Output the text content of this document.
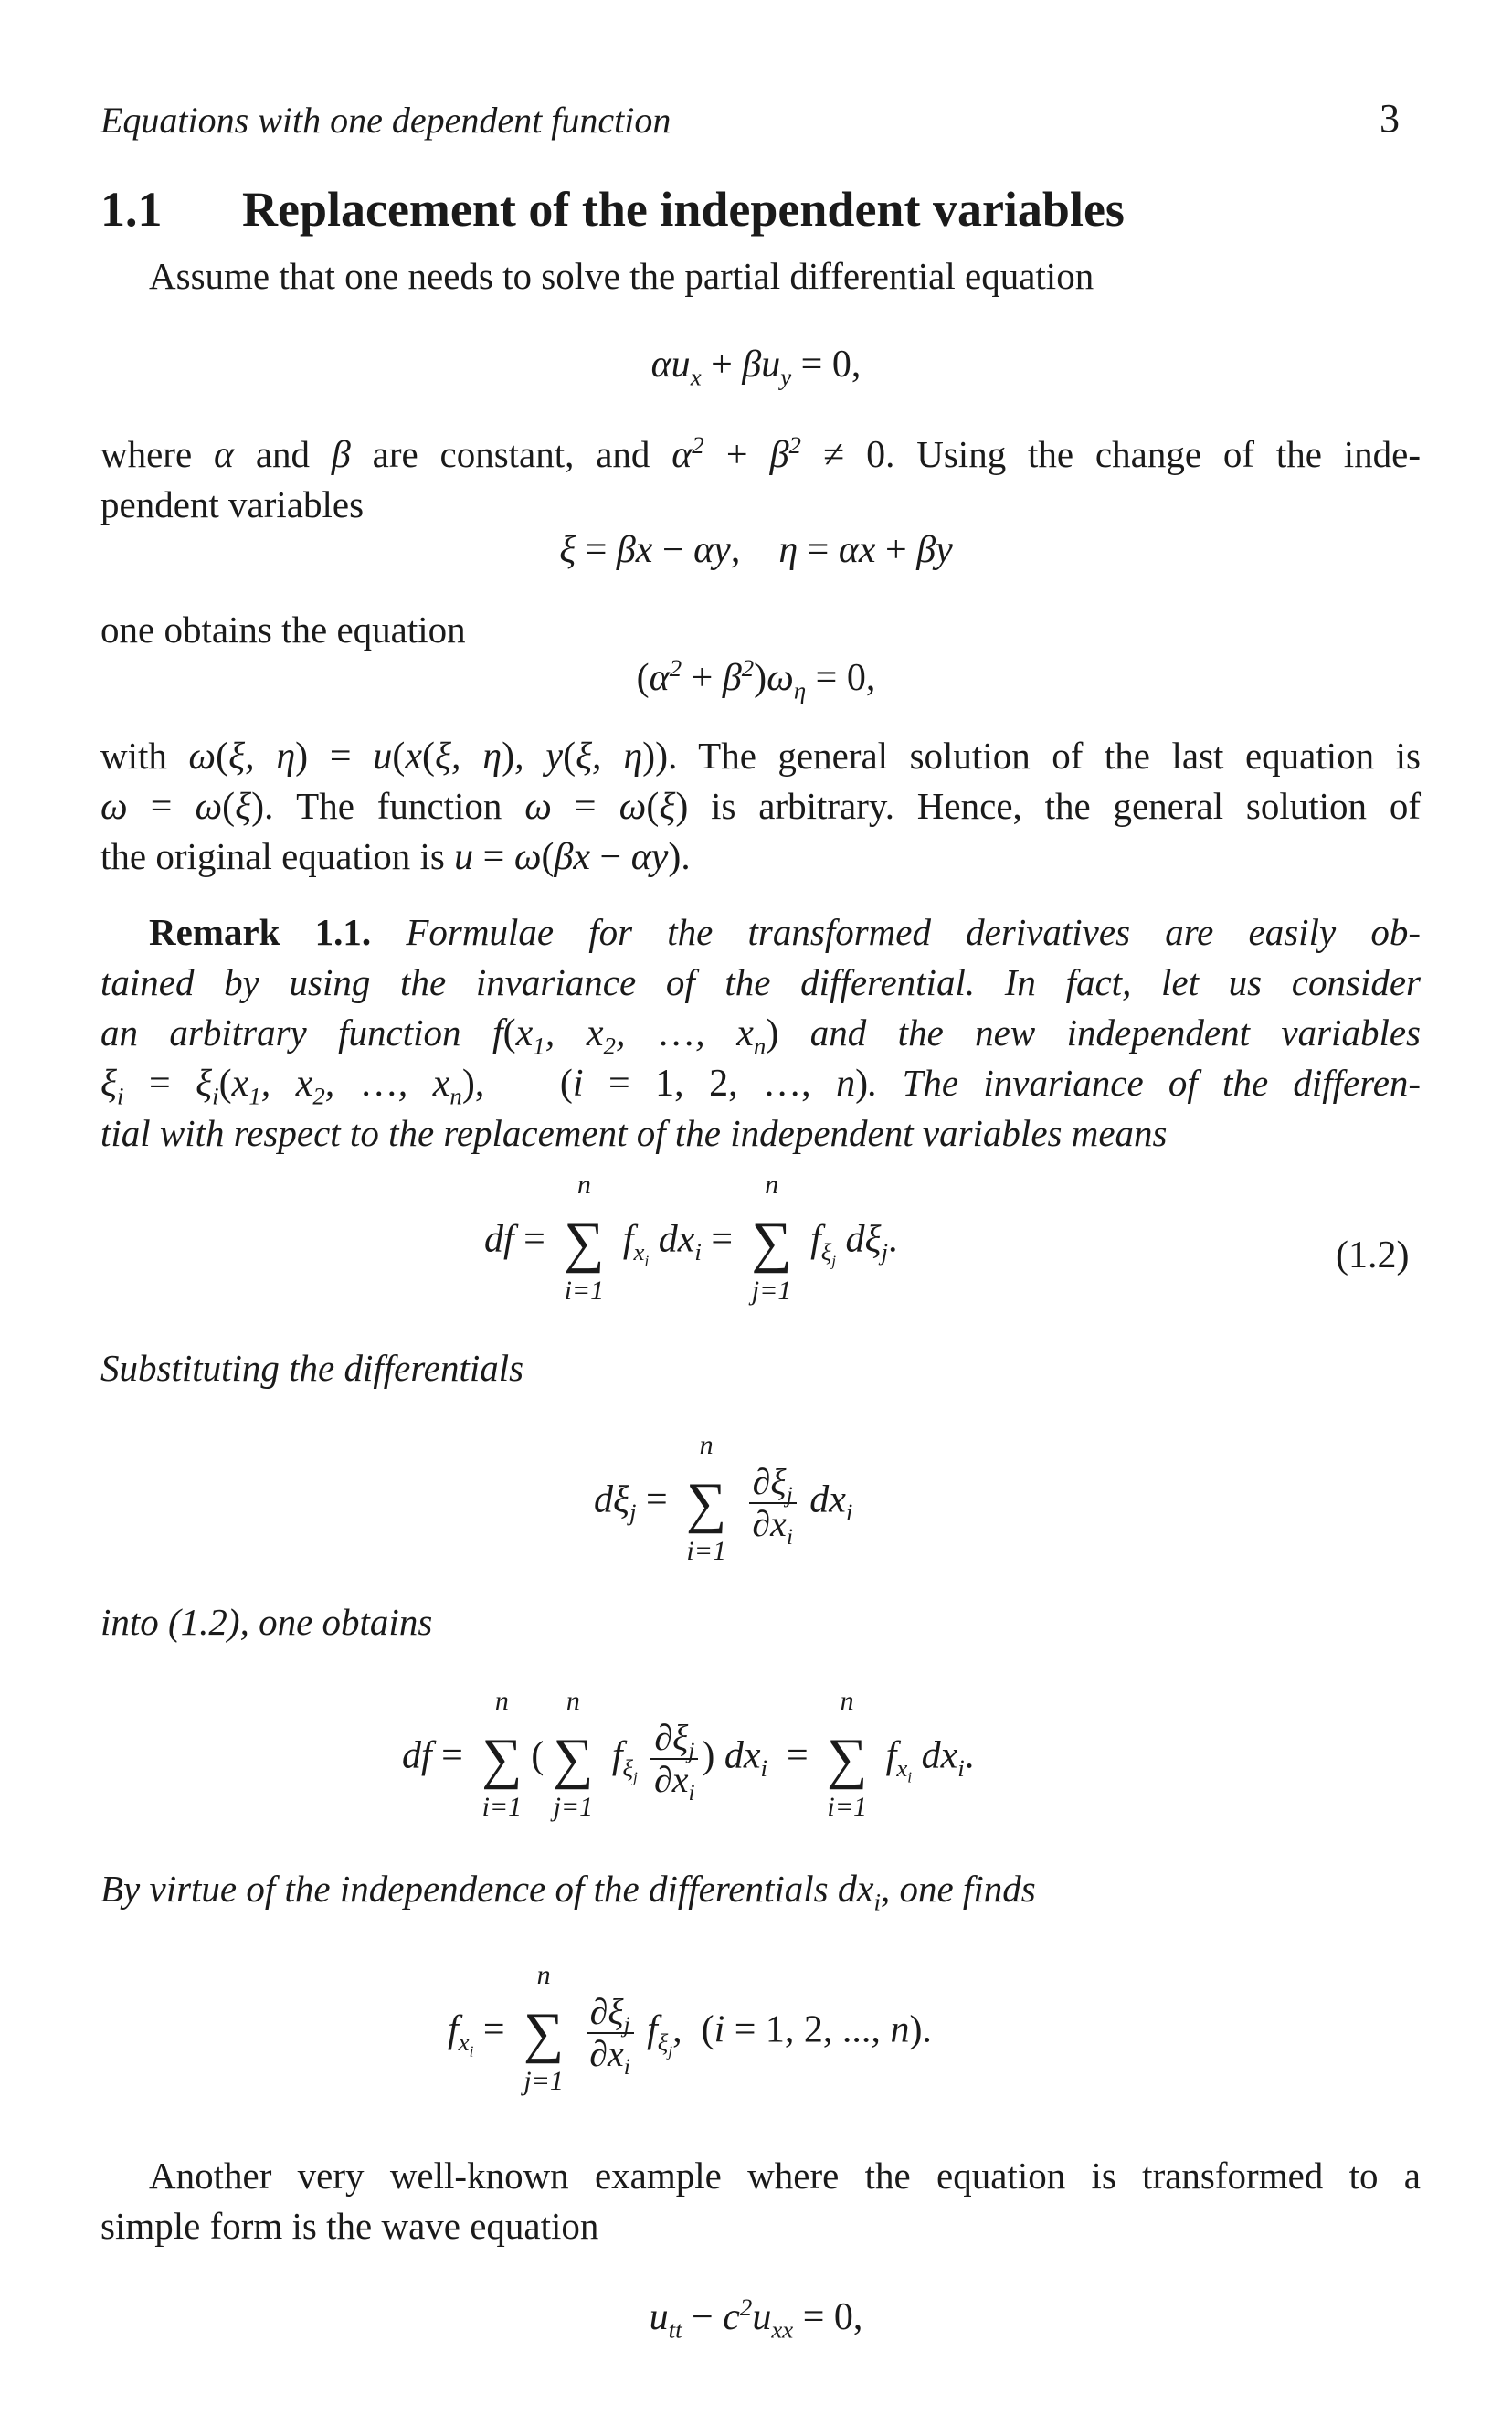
Equations with one dependent function	3
1.1 Replacement of the independent variables
Assume that one needs to solve the partial differential equation
$\alpha u_x + \beta u_y = 0$,
where α and β are constant, and $\alpha^2 + \beta^2 \ne 0$. Using the change of the inde-
pendent variables
ξ = βx − αy,    η = αx + βy
one obtains the equation
$(\alpha^2 + \beta^2)\omega_\eta = 0$,
with ω(ξ, η) = u(x(ξ, η), y(ξ, η)). The general solution of the last equation is
ω = ω(ξ). The function ω = ω(ξ) is arbitrary. Hence, the general solution of
the original equation is u = ω(βx − αy).
Remark 1.1. Formulae for the transformed derivatives are easily ob-
tained by using the invariance of the differential. In fact, let us consider
an arbitrary function $f(x_1$, $x_2$, …, $x_n$) and the new independent variables
$\xi_i = \xi_i(x_1$, $x_2$, …, $x_n$), (i = 1, 2, …, n). The invariance of the differen-
tial with respect to the replacement of the independent variables means
df =
n
∑
i=1
$f_{x_i}$ $dx_i$ =
n
∑
j=1
$f_{\xi_j}$ $d\xi_j$.	(1.2)
Substituting the differentials
$d\xi_j$ =
n
∑
i=1

$\frac{\partial\xi_j}{\partial x_i} dx_i$
into (1.2), one obtains
df =
n
∑
i=1
(
n
∑
j=1
$f_{\xi_j} \frac{\partial\xi_j}{\partial x_i}$ ) $dx_i$ =
n
∑
i=1
$f_{x_i}$ $dx_i$.
By virtue of the independence of the differentials $dx_i$, one finds
$f_{x_i}$ =
n
∑
j=1

$\frac{\partial\xi_j}{\partial x_i} f_{\xi_j}$, (i = 1, 2, ..., n).
Another very well-known example where the equation is transformed to a
simple form is the wave equation
$u_{tt} - c^2u_{xx} = 0$,
